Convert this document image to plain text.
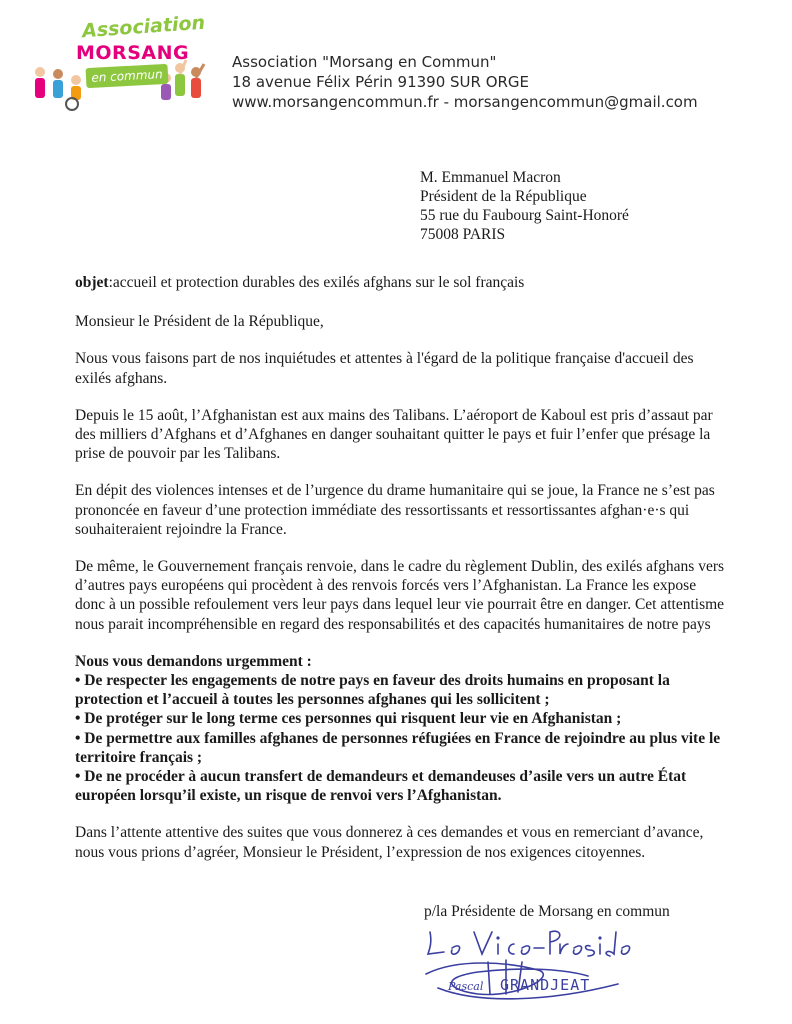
Association
MORSANG
en commun
Association "Morsang en Commun"
18 avenue Félix Périn 91390 SUR ORGE
www.morsangencommun.fr - morsangencommun@gmail.com
M. Emmanuel Macron
Président de la République
55 rue du Faubourg Saint-Honoré
75008 PARIS

objet:accueil et protection durables des exilés afghans sur le sol français

Monsieur le Président de la République,

Nous vous faisons part de nos inquiétudes et attentes à l'égard de la politique française d'accueil des exilés afghans.

Depuis le 15 août, l’Afghanistan est aux mains des Talibans. L’aéroport de Kaboul est pris d’assaut par des milliers d’Afghans et d’Afghanes en danger souhaitant quitter le pays et fuir l’enfer que présage la prise de pouvoir par les Talibans.

En dépit des violences intenses et de l’urgence du drame humanitaire qui se joue, la France ne s’est pas prononcée en faveur d’une protection immédiate des ressortissants et ressortissantes afghan·e·s qui souhaiteraient rejoindre la France.

De même, le Gouvernement français renvoie, dans le cadre du règlement Dublin, des exilés afghans vers d’autres pays européens qui procèdent à des renvois forcés vers l’Afghanistan. La France les expose donc à un possible refoulement vers leur pays dans lequel leur vie pourrait être en danger. Cet attentisme nous parait incompréhensible en regard des responsabilités et des capacités humanitaires de notre pays

Nous vous demandons urgemment :
• De respecter les engagements de notre pays en faveur des droits humains en proposant la protection et l’accueil à toutes les personnes afghanes qui les sollicitent ;
• De protéger sur le long terme ces personnes qui risquent leur vie en Afghanistan ;
• De permettre aux familles afghanes de personnes réfugiées en France de rejoindre au plus vite le territoire français ;
• De ne procéder à aucun transfert de demandeurs et demandeuses d’asile vers un autre État européen lorsqu’il existe, un risque de renvoi vers l’Afghanistan.

Dans l’attente attentive des suites que vous donnerez à ces demandes et vous en remerciant d’avance, nous vous prions d’agréer, Monsieur le Président, l’expression de nos exigences citoyennes.

p/la Présidente de Morsang en commun
Pascal GRANDJEAT
